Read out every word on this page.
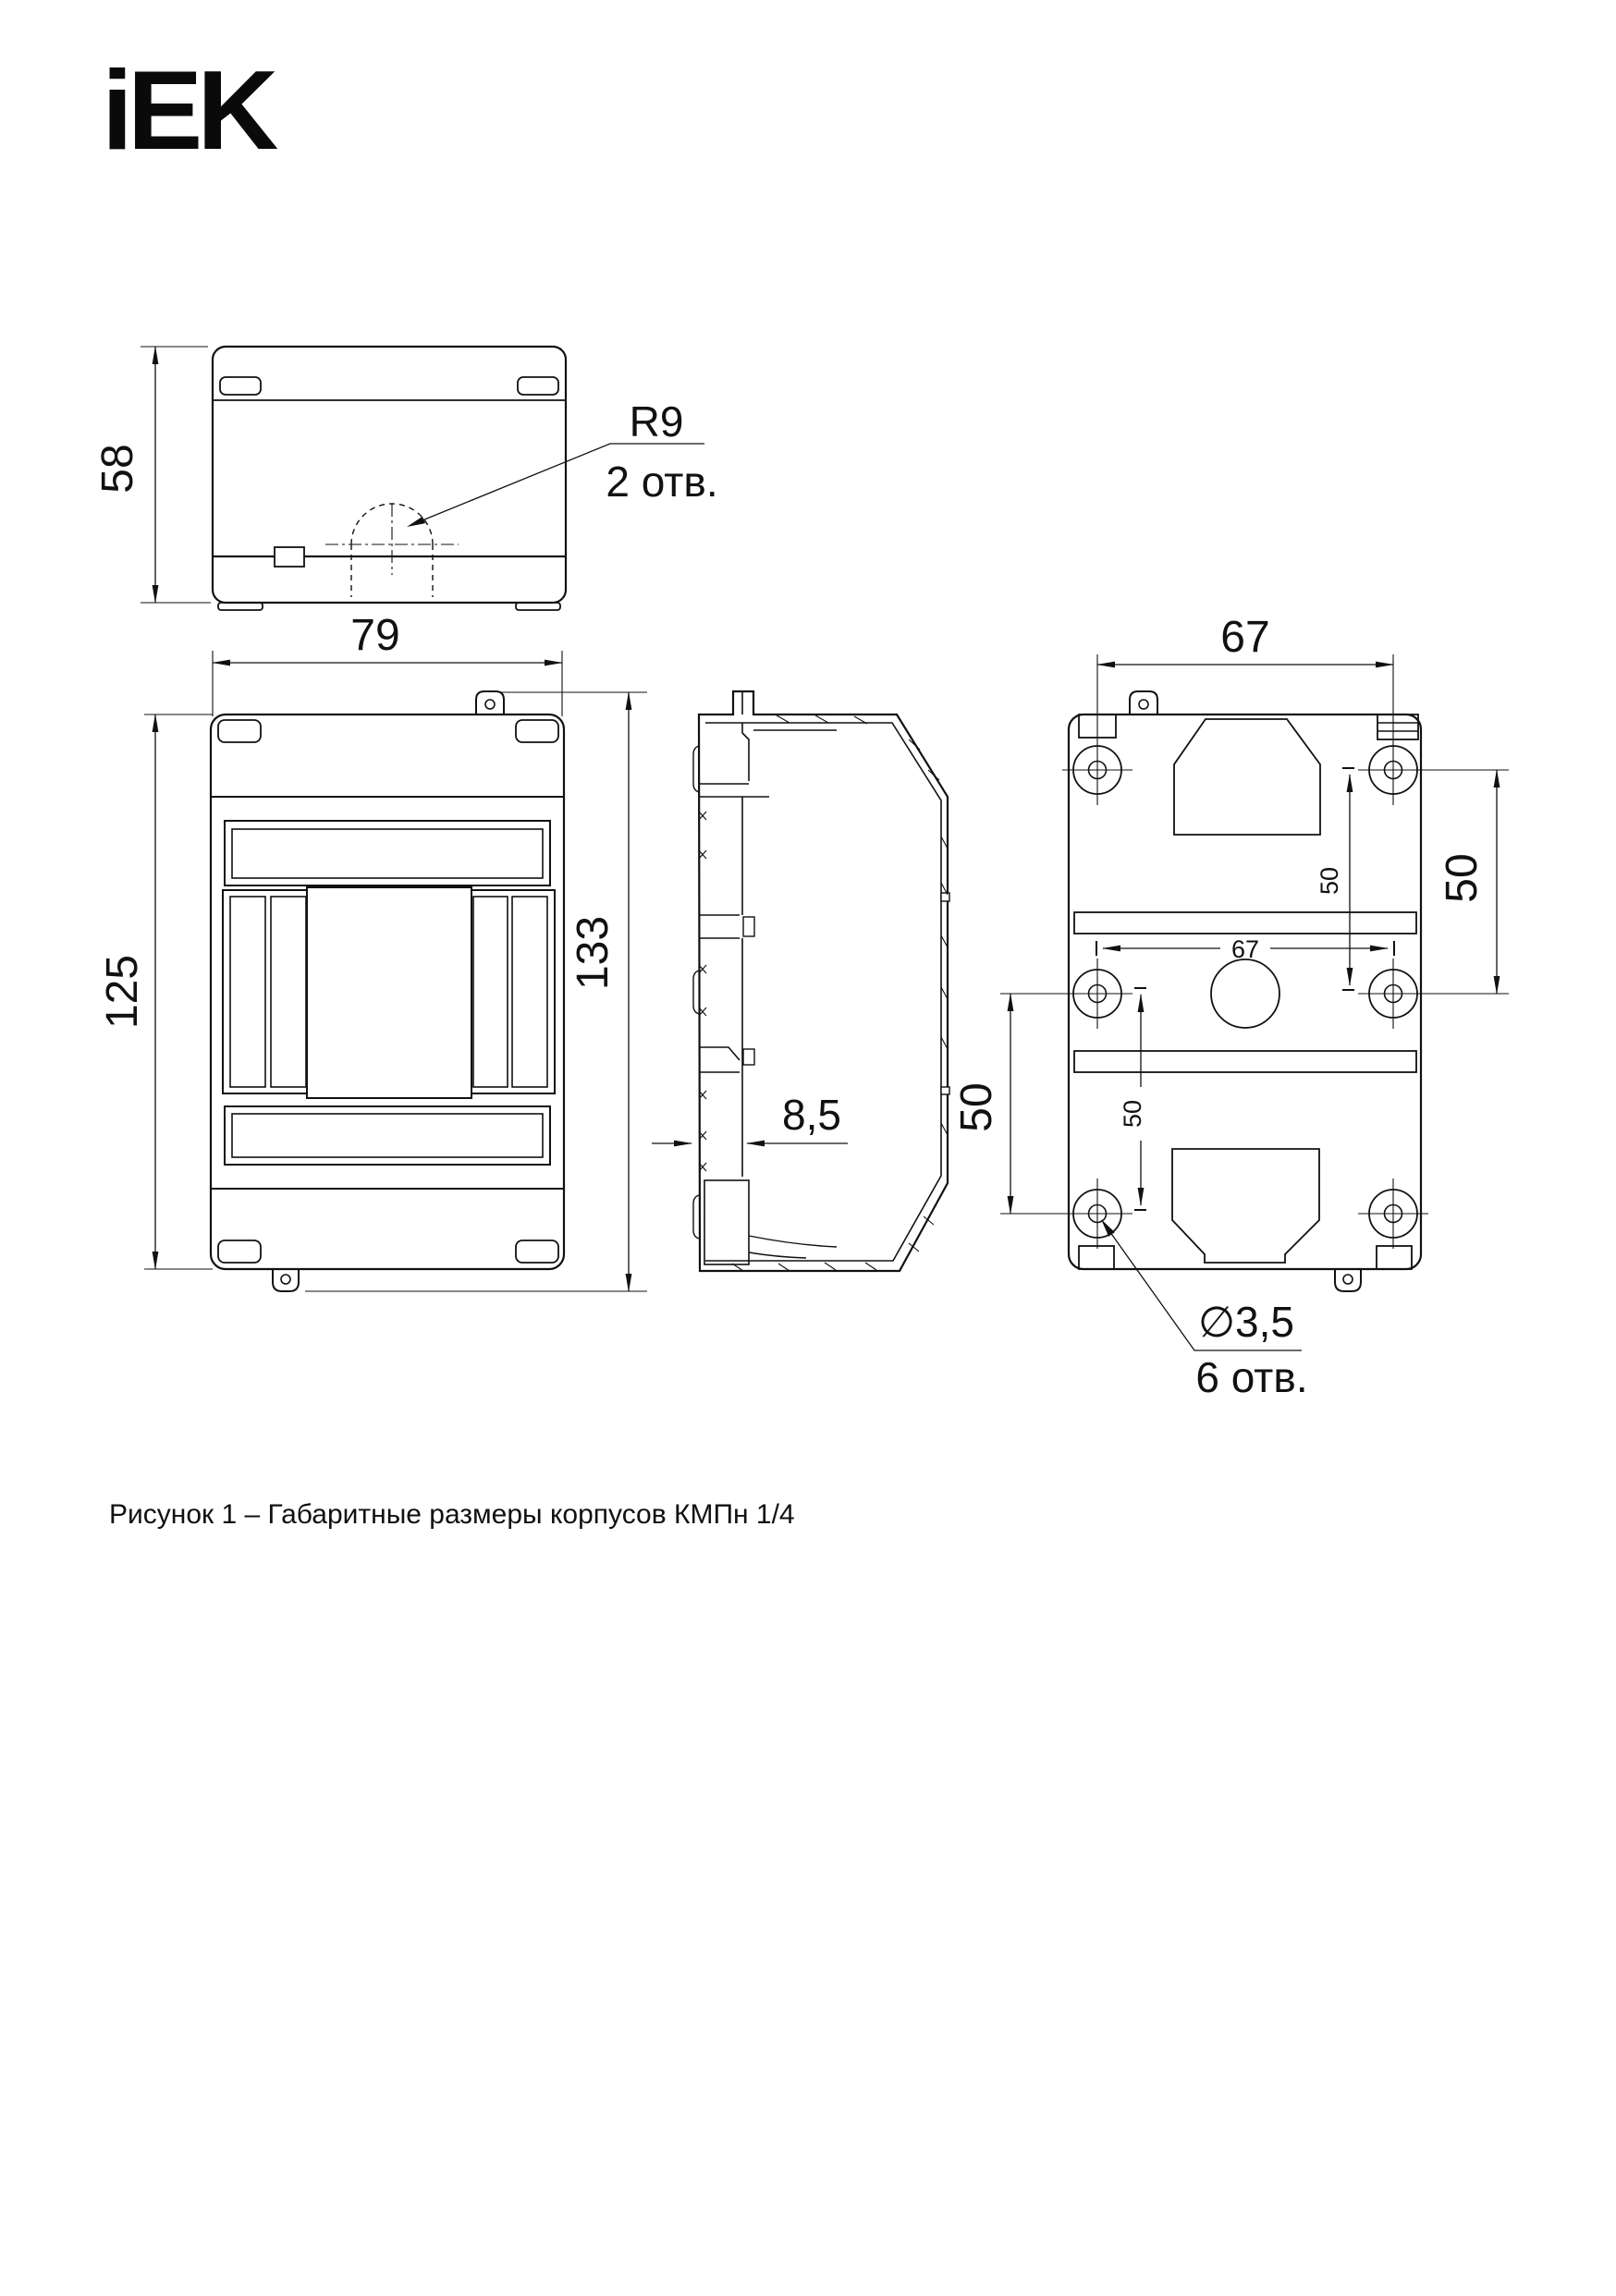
iEK
58
79
R9
2 отв.
125
133
8,5
67
67
50
50
50
50
∅3,5
6 отв.
Рисунок 1 – Габаритные размеры корпусов КМПн 1/4
